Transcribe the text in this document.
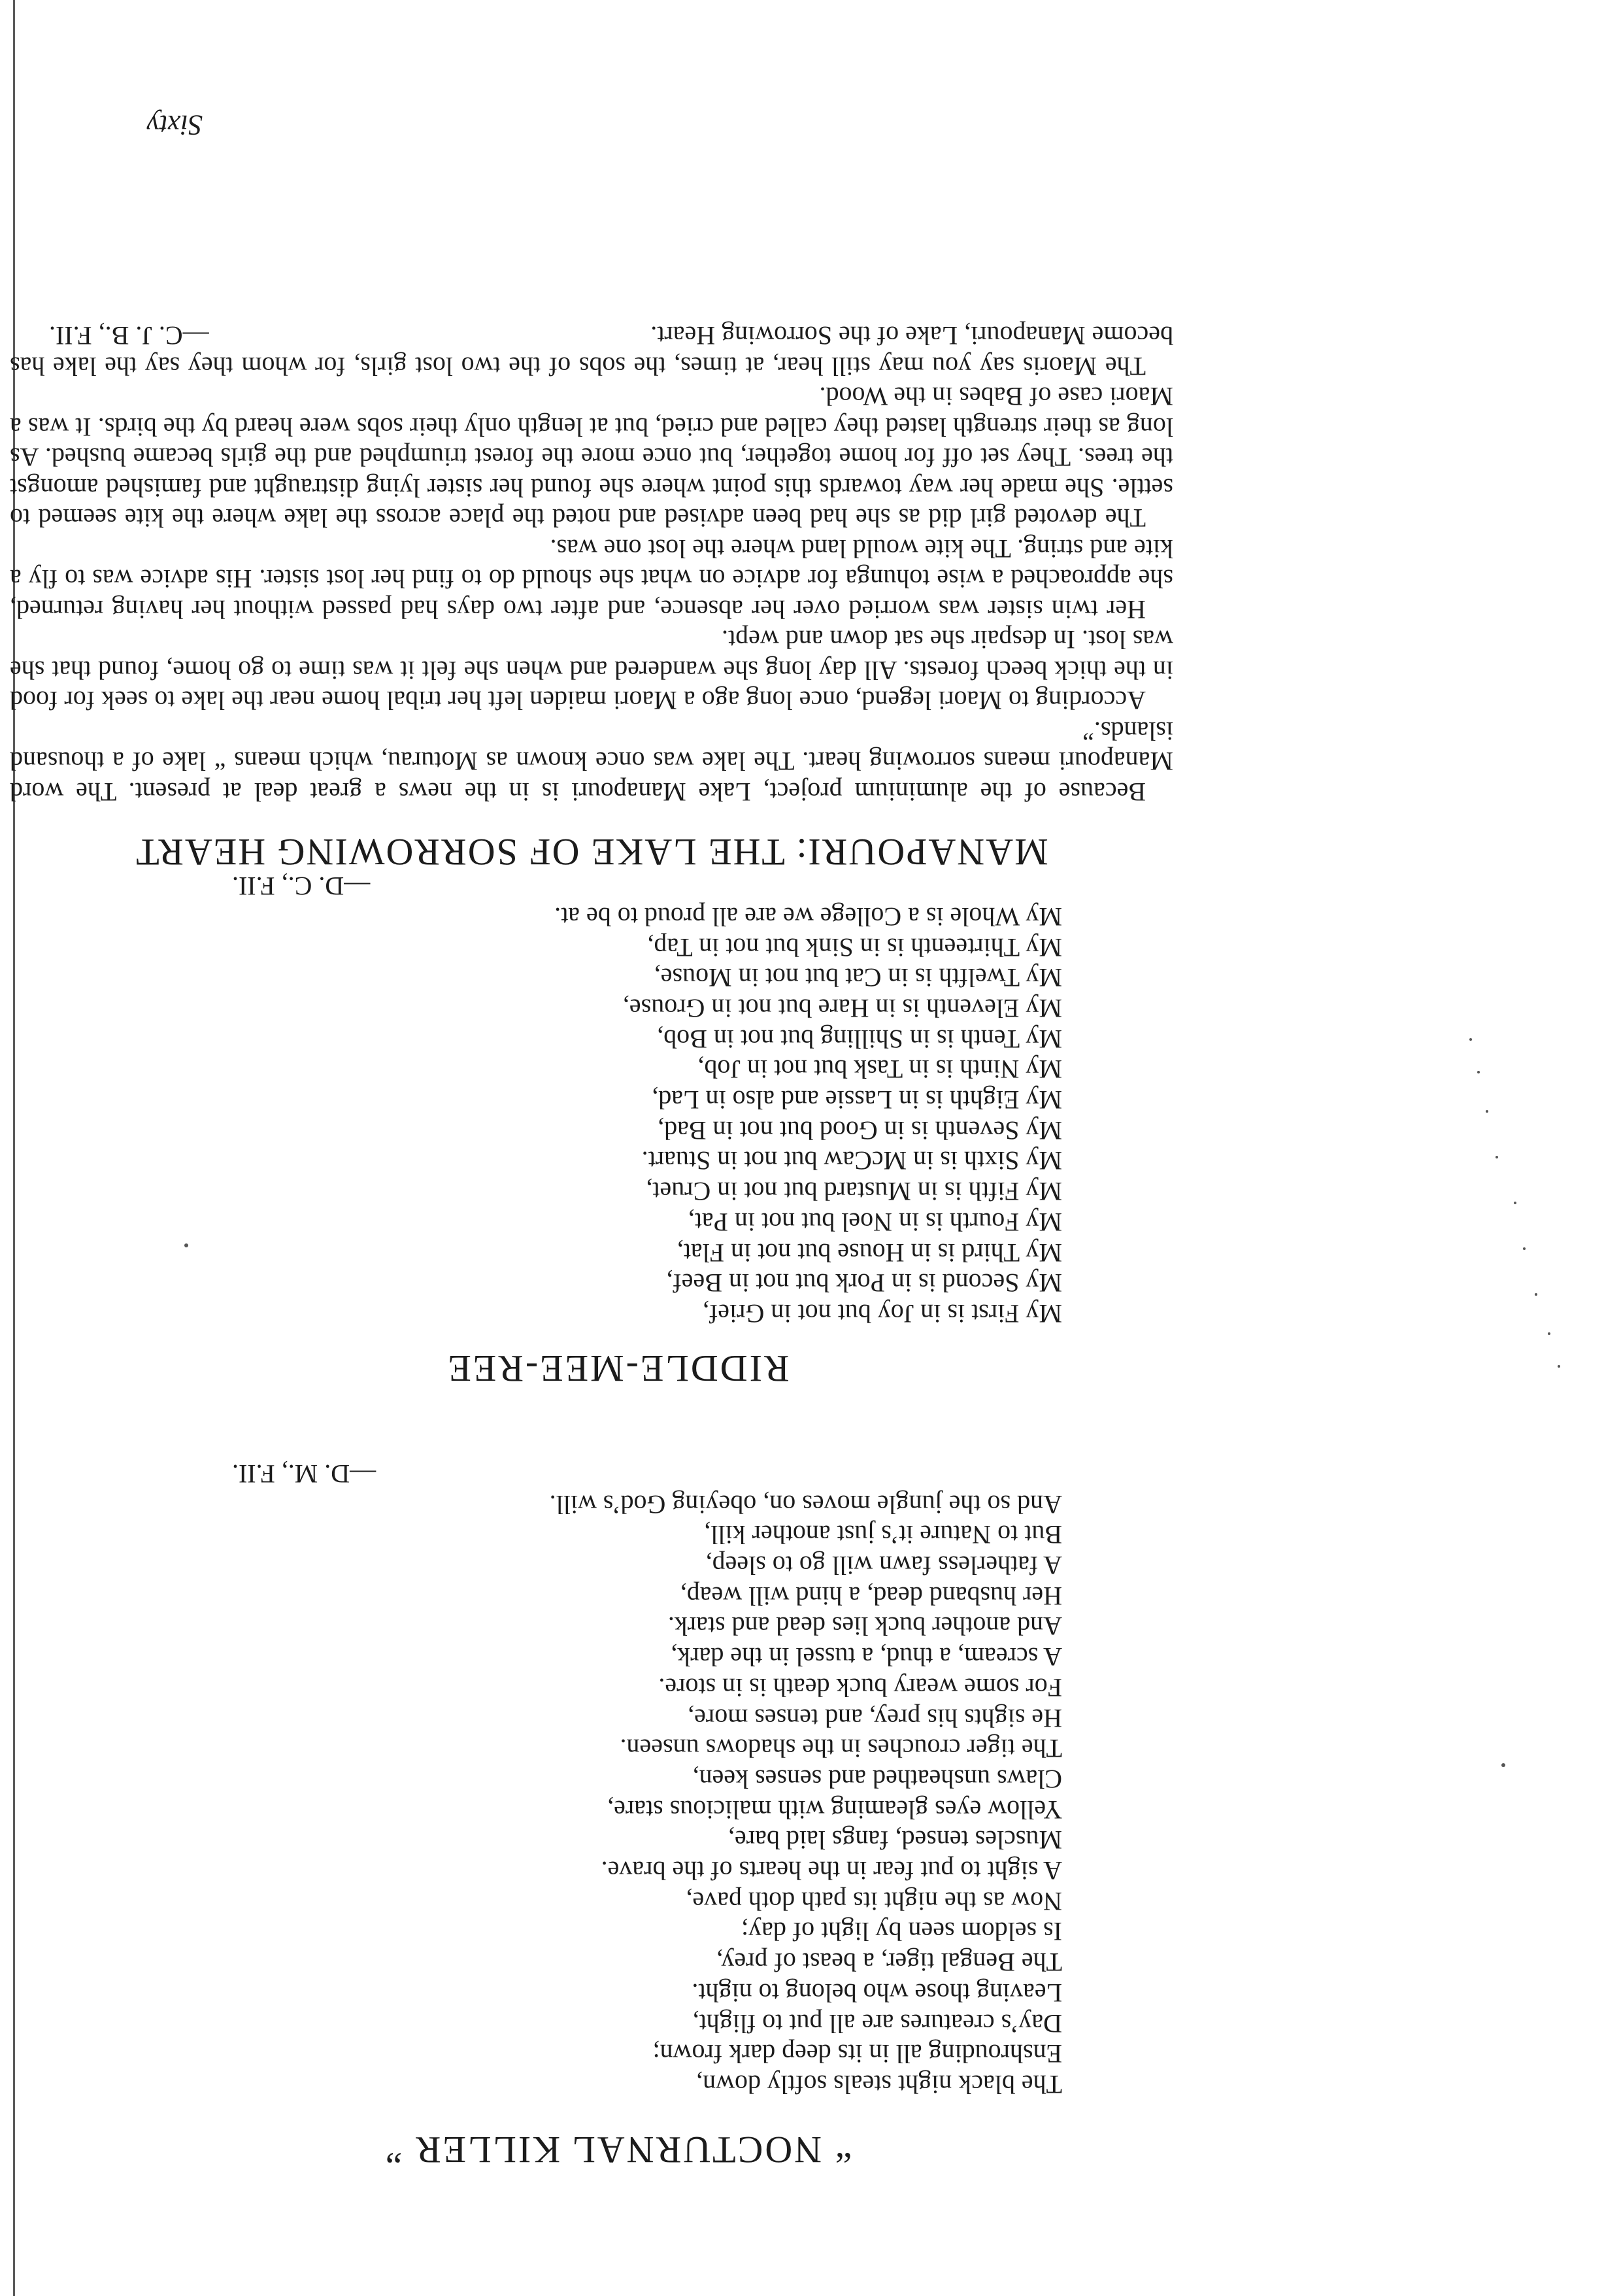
“ NOCTURNAL KILLER ”

The black night steals softly down,

Enshrouding all in its deep dark frown;

Day’s creatures are all put to flight,

Leaving those who belong to night.

The Bengal tiger, a beast of prey,

Is seldom seen by light of day;

Now as the night its path doth pave,

A sight to put fear in the hearts of the brave.

Muscles tensed, fangs laid bare,

Yellow eyes gleaming with malicious stare,

Claws unsheathed and senses keen,

The tiger crouches in the shadows unseen.

He sights his prey, and tenses more,

For some weary buck death is in store.

A scream, a thud, a tussel in the dark,

And another buck lies dead and stark.

Her husband dead, a hind will weap,

A fatherless fawn will go to sleep,

But to Nature it’s just another kill,

And so the jungle moves on, obeying God’s will.

—D. M., F.II.

RIDDLE-MEE-REE

My First is in Joy but not in Grief,

My Second is in Pork but not in Beef,

My Third is in House but not in Flat,

My Fourth is in Noel but not in Pat,

My Fifth is in Mustard but not in Cruet,

My Sixth is in McCaw but not in Stuart.

My Seventh is in Good but not in Bad,

My Eighth is in Lassie and also in Lad,

My Ninth is in Task but not in Job,

My Tenth is in Shilling but not in Bob,

My Eleventh is in Hare but not in Grouse,

My Twelfth is in Cat but not in Mouse,

My Thirteenth is in Sink but not in Tap,

My Whole is a College we are all proud to be at.

—D. C., F.II.

MANAPOURI: THE LAKE OF SORROWING HEART

Because of the aluminium project, Lake Manapouri is in the news a great deal at present. The word Manapouri means sorrowing heart. The lake was once known as Moturau, which means “ lake of a thousand islands.”

According to Maori legend, once long ago a Maori maiden left her tribal home near the lake to seek for food in the thick beech forests. All day long she wandered and when she felt it was time to go home, found that she was lost. In despair she sat down and wept.

Her twin sister was worried over her absence, and after two days had passed without her having returned, she approached a wise tohunga for advice on what she should do to find her lost sister. His advice was to fly a kite and string. The kite would land where the lost one was.

The devoted girl did as she had been advised and noted the place across the lake where the kite seemed to settle. She made her way towards this point where she found her sister lying distraught and famished amongst the trees. They set off for home together, but once more the forest triumphed and the girls became bushed. As long as their strength lasted they called and cried, but at length only their sobs were heard by the birds. It was a Maori case of Babes in the Wood.

The Maoris say you may still hear, at times, the sobs of the two lost girls, for whom they say the lake has become Manapouri, Lake of the Sorrowing Heart.

—C. J. B., F.II.

Sixty
